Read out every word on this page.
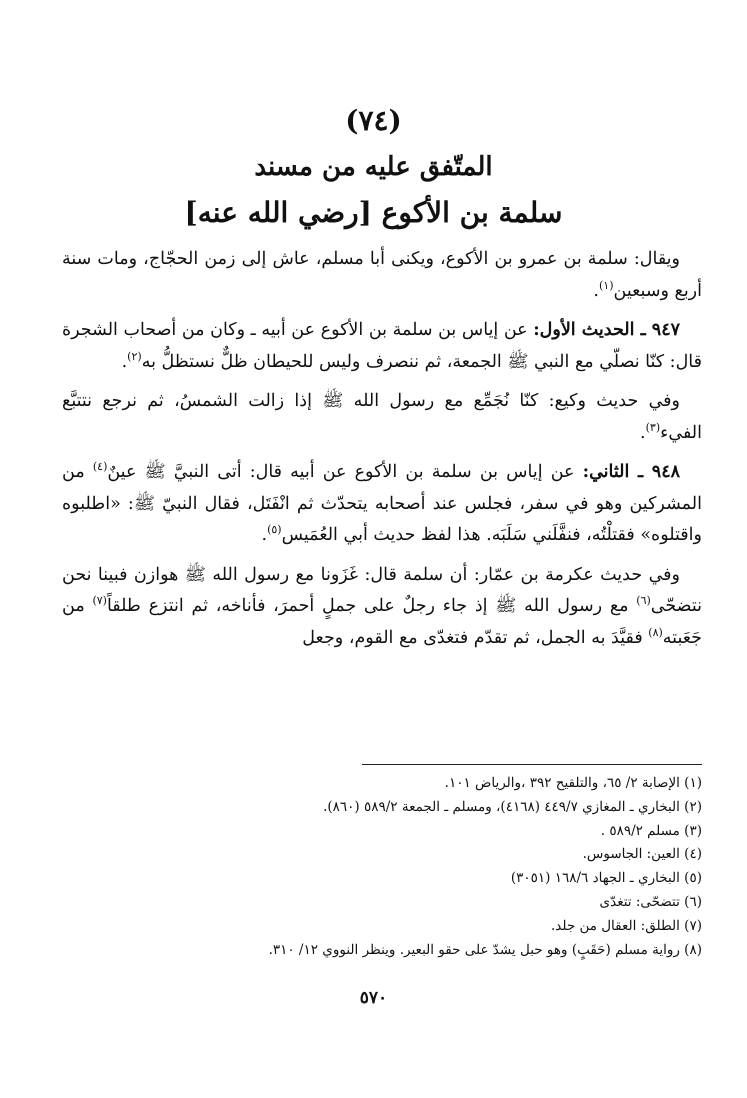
(٧٤)
المتّفق عليه من مسند
سلمة بن الأكوع [رضي الله عنه]

ويقال: سلمة بن عمرو بن الأكوع، ويكنى أبا مسلم، عاش إلى زمن الحجّاج، ومات سنة أربع وسبعين$^{(١)}$.

٩٤٧ ـ الحديث الأول: عن إياس بن سلمة بن الأكوع عن أبيه ـ وكان من أصحاب الشجرة قال: كنّا نصلّي مع النبي ﷺ الجمعة، ثم ننصرف وليس للحيطان ظلٌّ نستظلُّ به$^{(٢)}$.

وفي حديث وكيع: كنّا نُجَمِّع مع رسول الله ﷺ إذا زالت الشمسُ، ثم نرجع نتتبَّع الفيء$^{(٣)}$.

٩٤٨ ـ الثاني: عن إياس بن سلمة بن الأكوع عن أبيه قال: أتى النبيَّ ﷺ عينٌ$^{(٤)}$ من المشركين وهو في سفر، فجلس عند أصحابه يتحدّث ثم انْفَتَل، فقال النبيّ ﷺ: «اطلبوه واقتلوه» فقتلْتُه، فنفَّلَني سَلَبَه. هذا لفظ حديث أبي العُمَيس$^{(٥)}$.

وفي حديث عكرمة بن عمّار: أن سلمة قال: غَزَونا مع رسول الله ﷺ هوازن فبينا نحن نتضحّى$^{(٦)}$ مع رسول الله ﷺ إذ جاء رجلٌ على جملٍ أحمرَ، فأناخه، ثم انتزع طلقاً$^{(٧)}$ من جَعَبته$^{(٨)}$ فقيَّدَ به الجمل، ثم تقدّم فتغدّى مع القوم، وجعل

(١) الإصابة ٢/ ٦٥، والتلقيح ٣٩٢ ،والرياض ١٠١.
(٢) البخاري ـ المغازي ٤٤٩/٧ (٤١٦٨)، ومسلم ـ الجمعة ٥٨٩/٢ (٨٦٠).
(٣) مسلم ٥٨٩/٢ .
(٤) العين: الجاسوس.
(٥) البخاري ـ الجهاد ١٦٨/٦ (٣٠٥١)
(٦) تتضحّى: تتغدّى
(٧) الطلق: العقال من جلد.
(٨) رواية مسلم (حَقَبٍ) وهو حبل يشدّ على حقو البعير. وينظر النووي ١٢/ ٣١٠.
٥٧٠
